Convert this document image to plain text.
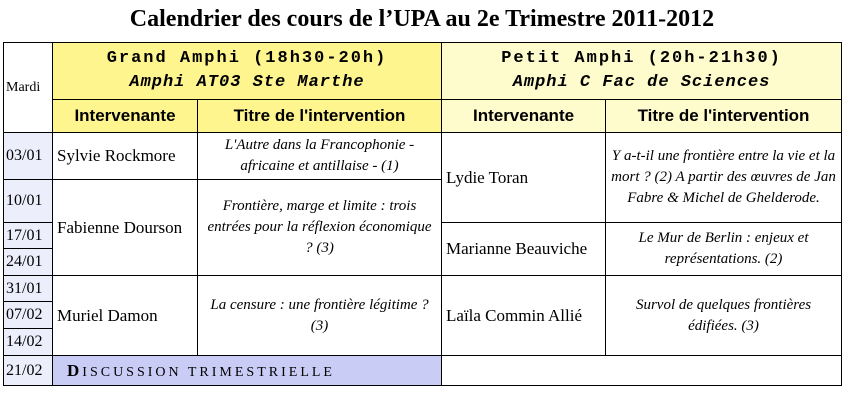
Calendrier des cours de l’UPA au 2e Trimestre 2011-2012
Mardi	Grand Amphi (18h30-20h)
Amphi AT03 Ste Marthe		Petit Amphi (20h-21h30)
Amphi C Fac de Sciences	

	Intervenante	Titre de l'intervention	Intervenante	Titre de l'intervention
03/01	Sylvie Rockmore	L'Autre dans la Francophonie - africaine et antillaise - (1)	Lydie Toran	Y a-t-il une frontière entre la vie et la mort ? (2) A partir des œuvres de Jan Fabre & Michel de Ghelderode.
10/01	Fabienne Dourson	Frontière, marge et limite : trois entrées pour la réflexion économique ? (3)		
17/01			Marianne Beauviche	Le Mur de Berlin : enjeux et représentations. (2)
24/01				
31/01	Muriel Damon	La censure : une frontière légitime ? (3)	Laïla Commin Allié	Survol de quelques frontières édifiées. (3)
07/02				
14/02				
21/02	DISCUSSION TRIMESTRIELLE			
